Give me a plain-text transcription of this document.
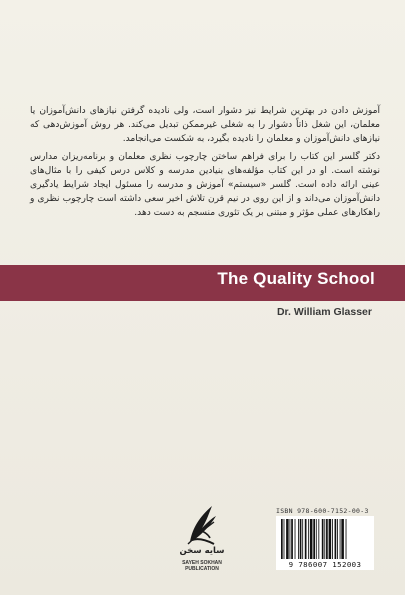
آموزش دادن در بهترین شرایط نیز دشوار است، ولی نادیده گرفتن نیازهای دانش‌آموزان یا معلمان، این شغل ذاتاً دشوار را به شغلی غیرممکن تبدیل می‌کند. هر روش آموزش‌دهی که نیازهای دانش‌آموزان و معلمان را نادیده بگیرد، به شکست می‌انجامد.

دکتر گلسر این کتاب را برای فراهم ساختن چارچوب نظری معلمان و برنامه‌ریزان مدارس نوشته است. او در این کتاب مؤلفه‌های بنیادین مدرسه و کلاس درس کیفی را با مثال‌های عینی ارائه داده است. گلسر «سیستم» آموزش و مدرسه را مسئول ایجاد شرایط یادگیری دانش‌آموزان می‌داند و از این روی در نیم قرن تلاش اخیر سعی داشته است چارچوب نظری و راهکارهای عملی مؤثر و مبتنی بر یک تئوری منسجم به دست دهد.

The Quality School
Dr. William Glasser
سایه سخن
SAYEH SOKHAN
PUBLICATION
ISBN 978-600-7152-00-3
9 786007 152003
